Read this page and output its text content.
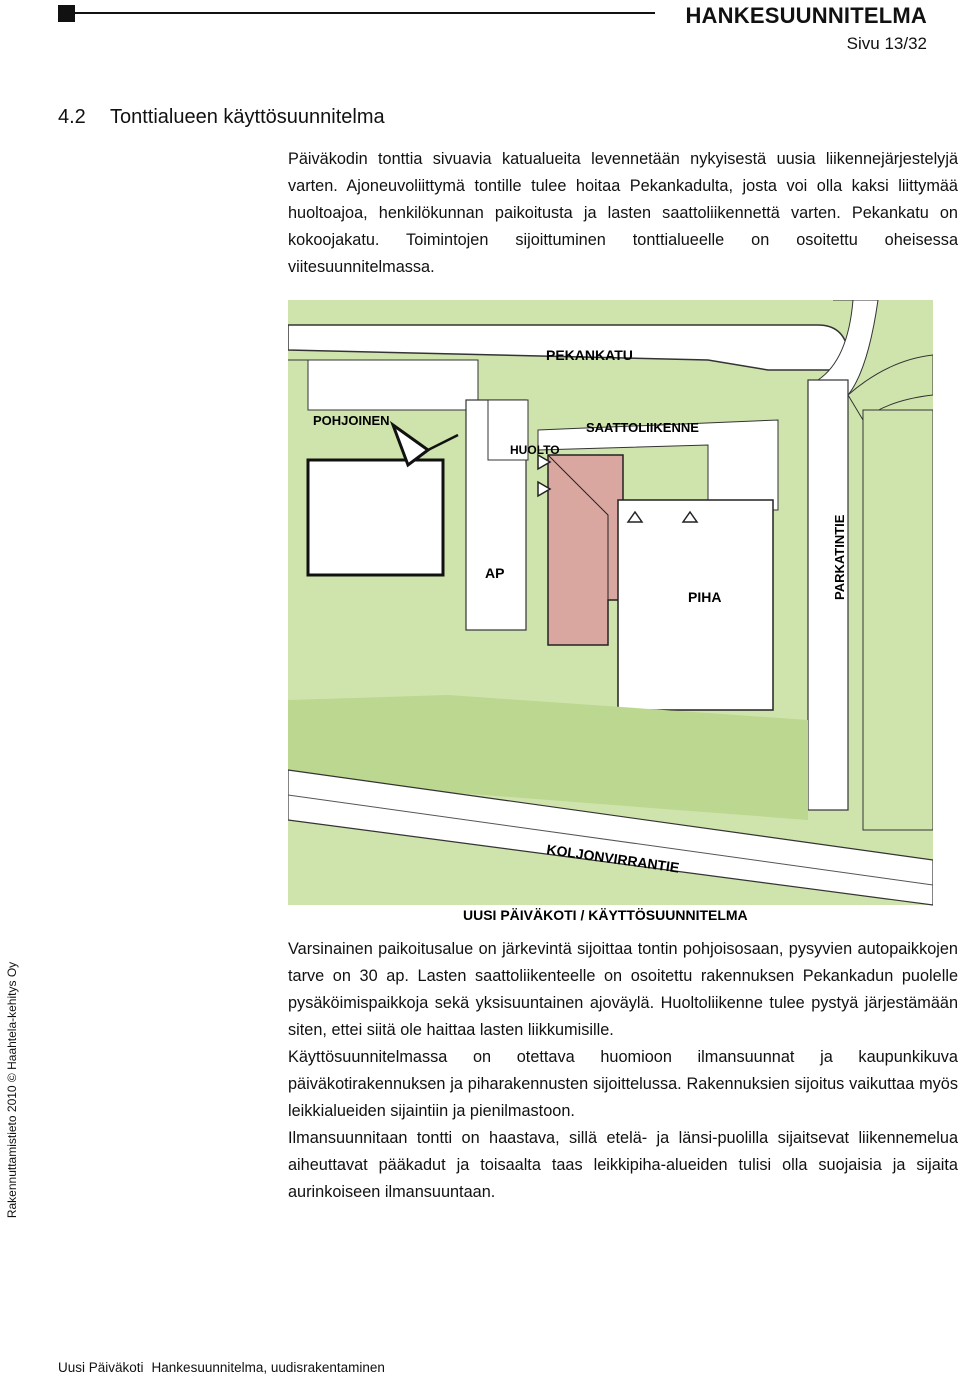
HANKESUUNNITELMA
Sivu 13/32
4.2 Tonttialueen käyttösuunnitelma

Päiväkodin tonttia sivuavia katualueita levennetään nykyisestä uusia liikennejärjestelyjä varten. Ajoneuvoliittymä tontille tulee hoitaa Pekankadulta, josta voi olla kaksi liittymää huoltoajoa, henkilökunnan paikoitusta ja lasten saattoliikennettä varten. Pekankatu on kokoojakatu. Toimintojen sijoittuminen tonttialueelle on osoitettu oheisessa viitesuunnitelmassa.

PEKANKATU
POHJOINEN	SAATTOLIIKENNE
HUOLTO
AP
PIHA	PARKATINTIE
KOLJONVIRRANTIE
UUSI PÄIVÄKOTI / KÄYTTÖSUUNNITELMA

Varsinainen paikoitusalue on järkevintä sijoittaa tontin pohjoisosaan, pysyvien autopaikkojen tarve on 30 ap. Lasten saattoliikenteelle on osoitettu rakennuksen Pekankadun puolelle pysäköimispaikkoja sekä yksisuuntainen ajoväylä. Huoltoliikenne tulee pystyä järjestämään siten, ettei siitä ole haittaa lasten liikkumisille.

Käyttösuunnitelmassa on otettava huomioon ilmansuunnat ja kaupunkikuva päiväkotirakennuksen ja piharakennusten sijoittelussa. Rakennuksien sijoitus vaikuttaa myös leikkialueiden sijaintiin ja pienilmastoon.

Ilmansuunnitaan tontti on haastava, sillä etelä- ja länsi-puolilla sijaitsevat liikennemelua aiheuttavat pääkadut ja toisaalta taas leikkipiha-alueiden tulisi olla suojaisia ja sijaita aurinkoiseen ilmansuuntaan.

Rakennuttamistieto 2010 © Haahtela-kehitys Oy
Uusi Päiväkoti Hankesuunnitelma, uudisrakentaminen
